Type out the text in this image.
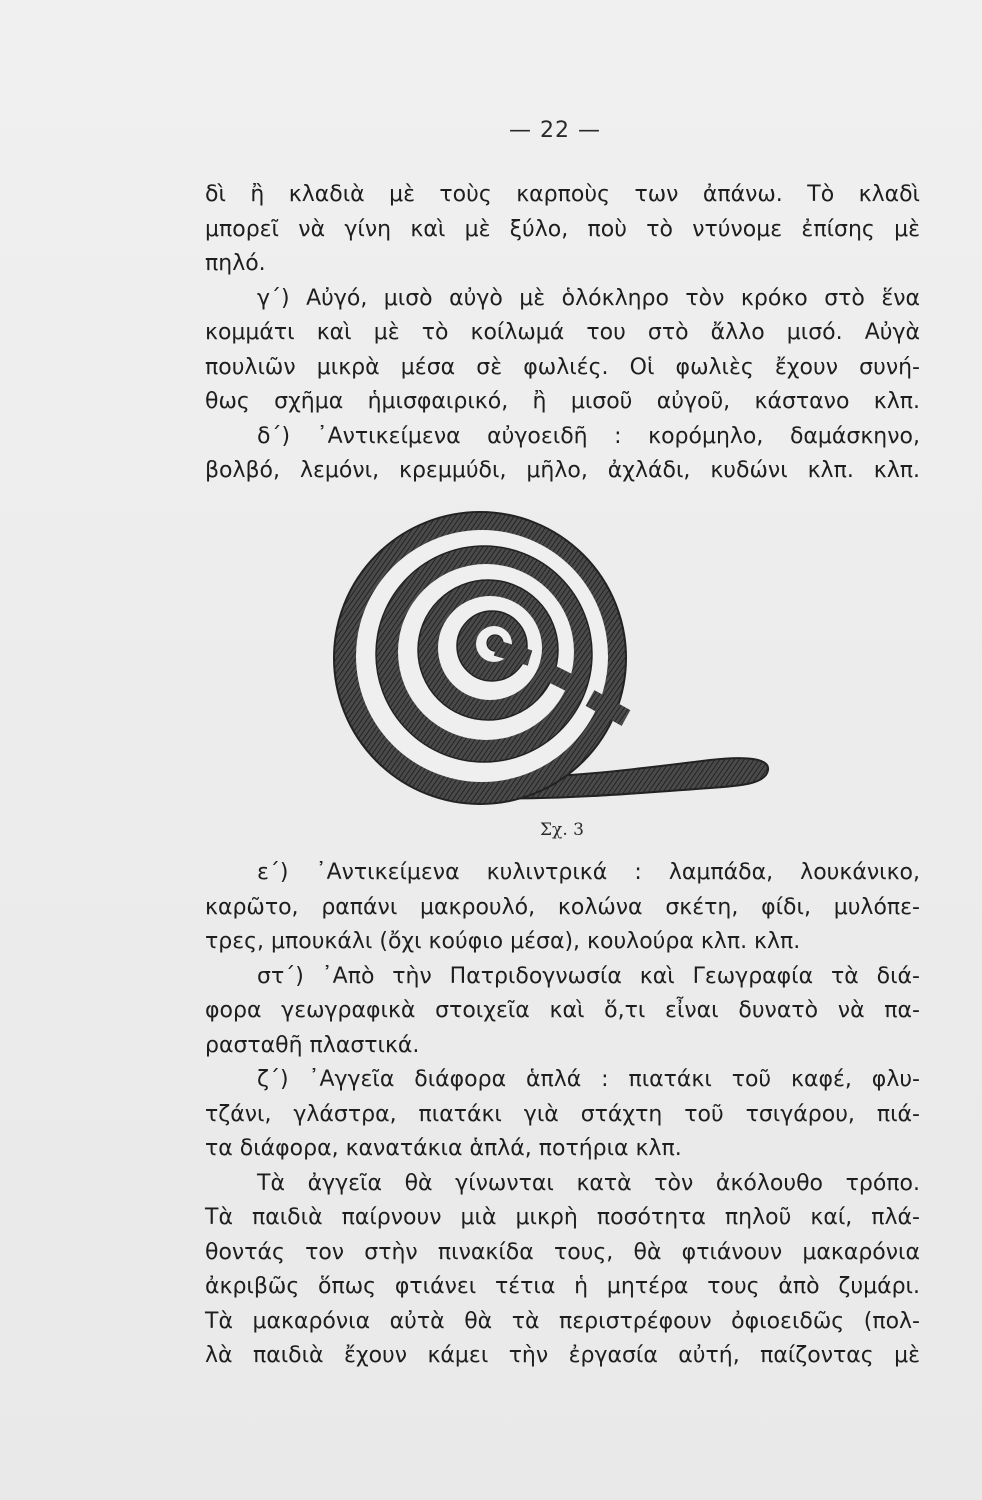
— 22 —
δὶ ἢ κλαδιὰ μὲ τοὺς καρποὺς των ἀπάνω. Τὸ κλαδὶ
μπορεῖ νὰ γίνη καὶ μὲ ξύλο, ποὺ τὸ ντύνομε ἐπίσης μὲ
πηλό.
γ΄) Αὐγό, μισὸ αὐγὸ μὲ ὁλόκληρο τὸν κρόκο στὸ ἕνα
κομμάτι καὶ μὲ τὸ κοίλωμά του στὸ ἄλλο μισό. Αὐγὰ
πουλιῶν μικρὰ μέσα σὲ φωλιές. Οἱ φωλιὲς ἔχουν συνή-
θως σχῆμα ἡμισφαιρικό, ἢ μισοῦ αὐγοῦ, κάστανο κλπ.
δ΄) ᾿Αντικείμενα αὐγοειδῆ : κορόμηλο, δαμάσκηνο,
βολβό, λεμόνι, κρεμμύδι, μῆλο, ἀχλάδι, κυδώνι κλπ. κλπ.
Σχ. 3
ε΄) ᾿Αντικείμενα κυλιντρικά : λαμπάδα, λουκάνικο,
καρῶτο, ραπάνι μακρουλό, κολώνα σκέτη, φίδι, μυλόπε-
τρες, μπουκάλι (ὄχι κούφιο μέσα), κουλούρα κλπ. κλπ.
στ΄) ᾿Απὸ τὴν Πατριδογνωσία καὶ Γεωγραφία τὰ διά-
φορα γεωγραφικὰ στοιχεῖα καὶ ὅ,τι εἶναι δυνατὸ νὰ πα-
ρασταθῆ πλαστικά.
ζ΄) ᾿Αγγεῖα διάφορα ἁπλά : πιατάκι τοῦ καφέ, φλυ-
τζάνι, γλάστρα, πιατάκι γιὰ στάχτη τοῦ τσιγάρου, πιά-
τα διάφορα, κανατάκια ἁπλά, ποτήρια κλπ.
Τὰ ἀγγεῖα θὰ γίνωνται κατὰ τὸν ἀκόλουθο τρόπο.
Τὰ παιδιὰ παίρνουν μιὰ μικρὴ ποσότητα πηλοῦ καί, πλά-
θοντάς τον στὴν πινακίδα τους, θὰ φτιάνουν μακαρόνια
ἀκριβῶς ὅπως φτιάνει τέτια ἡ μητέρα τους ἀπὸ ζυμάρι.
Τὰ μακαρόνια αὐτὰ θὰ τὰ περιστρέφουν ὀφιοειδῶς (πολ-
λὰ παιδιὰ ἔχουν κάμει τὴν ἐργασία αὐτή, παίζοντας μὲ
